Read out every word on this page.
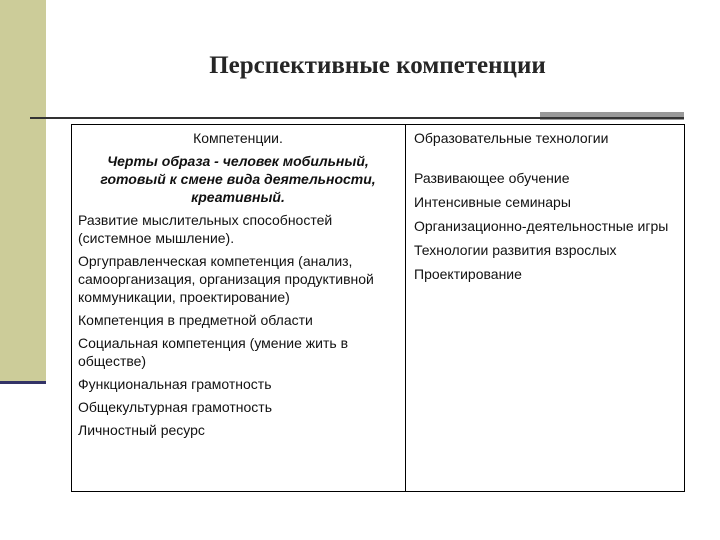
Перспективные компетенции
Компетенции.
Черты образа - человек мобильный,
готовый к смене вида деятельности,
креативный.
Развитие мыслительных способностей (системное мышление).
Оргуправленческая компетенция (анализ, самоорганизация, организация продуктивной коммуникации, проектирование)
Компетенция в предметной области
Социальная компетенция (умение жить в обществе)
Функциональная грамотность
Общекультурная грамотность
Личностный ресурс
Образовательные технологии
Развивающее обучение
Интенсивные семинары
Организационно-деятельностные игры
Технологии развития взрослых
Проектирование
